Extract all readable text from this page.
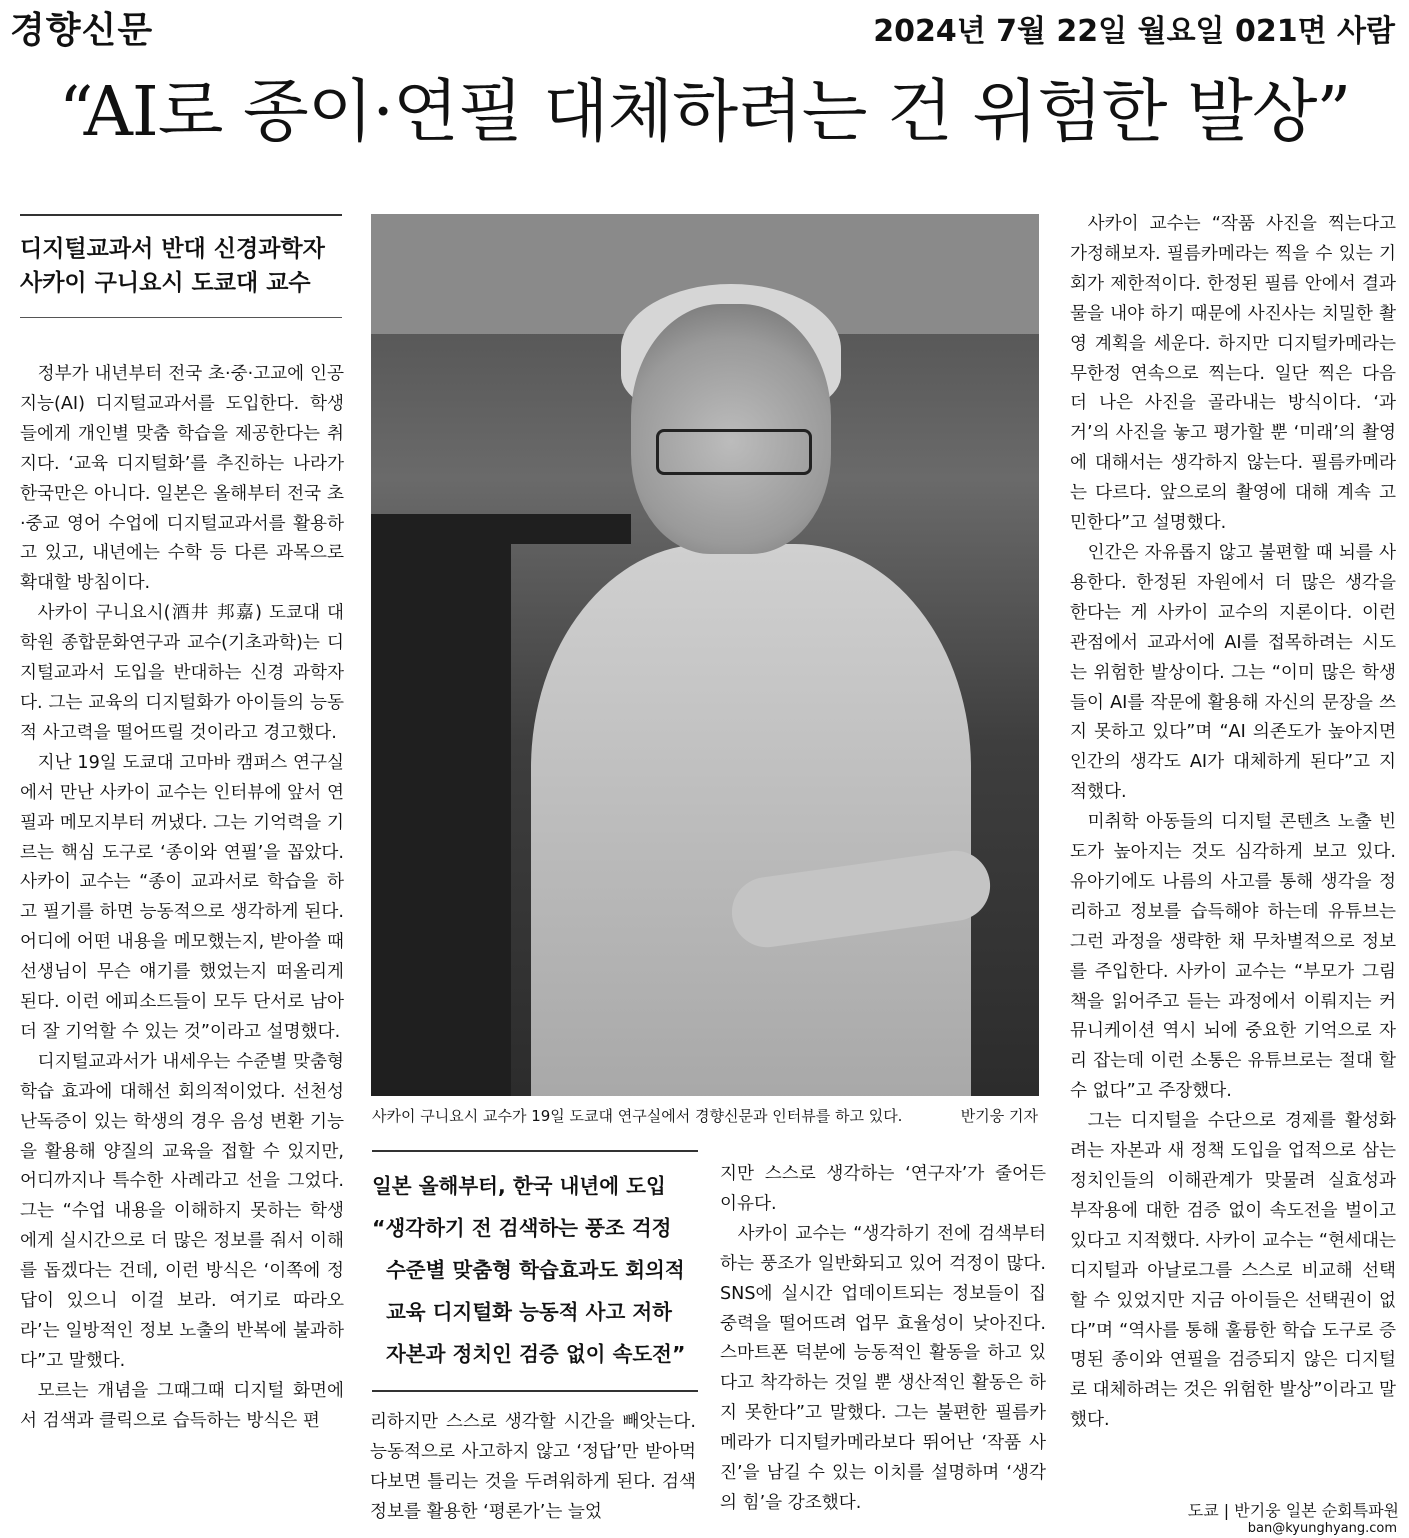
경향신문	2024년 7월 22일 월요일 021면 사람
“AI로 종이·연필 대체하려는 건 위험한 발상”
디지털교과서 반대 신경과학자
사카이 구니요시 도쿄대 교수

정부가 내년부터 전국 초·중·고교에 인공지능(AI) 디지털교과서를 도입한다. 학생들에게 개인별 맞춤 학습을 제공한다는 취지다. ‘교육 디지털화’를 추진하는 나라가 한국만은 아니다. 일본은 올해부터 전국 초·중교 영어 수업에 디지털교과서를 활용하고 있고, 내년에는 수학 등 다른 과목으로 확대할 방침이다.

사카이 구니요시(酒井 邦嘉) 도쿄대 대학원 종합문화연구과 교수(기초과학)는 디지털교과서 도입을 반대하는 신경 과학자다. 그는 교육의 디지털화가 아이들의 능동적 사고력을 떨어뜨릴 것이라고 경고했다.

지난 19일 도쿄대 고마바 캠퍼스 연구실에서 만난 사카이 교수는 인터뷰에 앞서 연필과 메모지부터 꺼냈다. 그는 기억력을 기르는 핵심 도구로 ‘종이와 연필’을 꼽았다. 사카이 교수는 “종이 교과서로 학습을 하고 필기를 하면 능동적으로 생각하게 된다. 어디에 어떤 내용을 메모했는지, 받아쓸 때 선생님이 무슨 얘기를 했었는지 떠올리게 된다. 이런 에피소드들이 모두 단서로 남아 더 잘 기억할 수 있는 것”이라고 설명했다.

디지털교과서가 내세우는 수준별 맞춤형 학습 효과에 대해선 회의적이었다. 선천성 난독증이 있는 학생의 경우 음성 변환 기능을 활용해 양질의 교육을 접할 수 있지만, 어디까지나 특수한 사례라고 선을 그었다. 그는 “수업 내용을 이해하지 못하는 학생에게 실시간으로 더 많은 정보를 줘서 이해를 돕겠다는 건데, 이런 방식은 ‘이쪽에 정답이 있으니 이걸 보라. 여기로 따라오라’는 일방적인 정보 노출의 반복에 불과하다”고 말했다.

모르는 개념을 그때그때 디지털 화면에서 검색과 클릭으로 습득하는 방식은 편

사카이 구니요시 교수가 19일 도쿄대 연구실에서 경향신문과 인터뷰를 하고 있다.	반기웅 기자
일본 올해부터, 한국 내년에 도입
“생각하기 전 검색하는 풍조 걱정
수준별 맞춤형 학습효과도 회의적
교육 디지털화 능동적 사고 저하
자본과 정치인 검증 없이 속도전”

리하지만 스스로 생각할 시간을 빼앗는다. 능동적으로 사고하지 않고 ‘정답’만 받아먹다보면 틀리는 것을 두려워하게 된다. 검색 정보를 활용한 ‘평론가’는 늘었

지만 스스로 생각하는 ‘연구자’가 줄어든 이유다.

사카이 교수는 “생각하기 전에 검색부터 하는 풍조가 일반화되고 있어 걱정이 많다. SNS에 실시간 업데이트되는 정보들이 집중력을 떨어뜨려 업무 효율성이 낮아진다. 스마트폰 덕분에 능동적인 활동을 하고 있다고 착각하는 것일 뿐 생산적인 활동은 하지 못한다”고 말했다. 그는 불편한 필름카메라가 디지털카메라보다 뛰어난 ‘작품 사진’을 남길 수 있는 이치를 설명하며 ‘생각의 힘’을 강조했다.

사카이 교수는 “작품 사진을 찍는다고 가정해보자. 필름카메라는 찍을 수 있는 기회가 제한적이다. 한정된 필름 안에서 결과물을 내야 하기 때문에 사진사는 치밀한 촬영 계획을 세운다. 하지만 디지털카메라는 무한정 연속으로 찍는다. 일단 찍은 다음 더 나은 사진을 골라내는 방식이다. ‘과거’의 사진을 놓고 평가할 뿐 ‘미래’의 촬영에 대해서는 생각하지 않는다. 필름카메라는 다르다. 앞으로의 촬영에 대해 계속 고민한다”고 설명했다.

인간은 자유롭지 않고 불편할 때 뇌를 사용한다. 한정된 자원에서 더 많은 생각을 한다는 게 사카이 교수의 지론이다. 이런 관점에서 교과서에 AI를 접목하려는 시도는 위험한 발상이다. 그는 “이미 많은 학생들이 AI를 작문에 활용해 자신의 문장을 쓰지 못하고 있다”며 “AI 의존도가 높아지면 인간의 생각도 AI가 대체하게 된다”고 지적했다.

미취학 아동들의 디지털 콘텐츠 노출 빈도가 높아지는 것도 심각하게 보고 있다. 유아기에도 나름의 사고를 통해 생각을 정리하고 정보를 습득해야 하는데 유튜브는 그런 과정을 생략한 채 무차별적으로 정보를 주입한다. 사카이 교수는 “부모가 그림책을 읽어주고 듣는 과정에서 이뤄지는 커뮤니케이션 역시 뇌에 중요한 기억으로 자리 잡는데 이런 소통은 유튜브로는 절대 할 수 없다”고 주장했다.

그는 디지털을 수단으로 경제를 활성화려는 자본과 새 정책 도입을 업적으로 삼는 정치인들의 이해관계가 맞물려 실효성과 부작용에 대한 검증 없이 속도전을 벌이고 있다고 지적했다. 사카이 교수는 “현세대는 디지털과 아날로그를 스스로 비교해 선택할 수 있었지만 지금 아이들은 선택권이 없다”며 “역사를 통해 훌륭한 학습 도구로 증명된 종이와 연필을 검증되지 않은 디지털로 대체하려는 것은 위험한 발상”이라고 말했다.

도쿄 | 반기웅 일본 순회특파원
ban@kyunghyang.com
